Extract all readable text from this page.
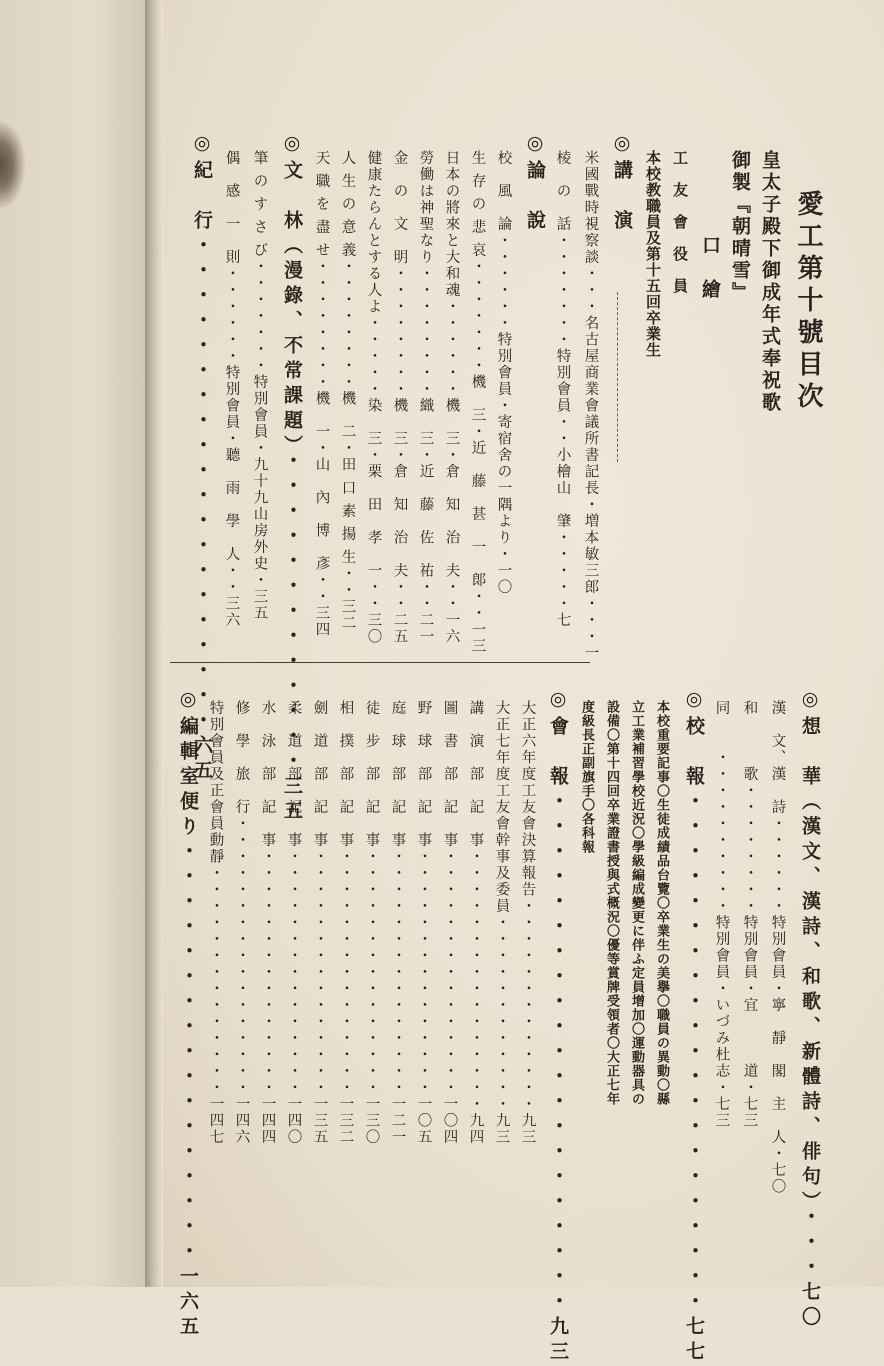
愛工第十號目次
皇太子殿下御成年式奉祝歌
御製『朝晴雪』
口　繪
工　友　會　役　員
本校教職員及第十五回卒業生
◎講　演
米國戰時視察談・・・名古屋商業會議所書記長・増本敏三郎・・・一
棱　の　話・・・・・・・特別會員・・小檜山　肇・・・・・七
◎論　說
校　風　論・・・・・・特別會員・寄宿舍の一隅より・一〇
生 存 の 悲 哀・・・・・・・機　三・近　藤　甚　一　郞・・一三
日本の將來と大和魂・・・・・・機　三・倉　知　治　夫・・一六
勞働は神聖なり・・・・・・・・織　三・近　藤　佐　祐・・二一
金　の　文　明・・・・・・・・機　三・倉　知　治　夫・・二五
健康たらんとする人よ・・・・・染　三・栗　田　孝　一・・三〇
人 生 の 意 義・・・・・・・・機　二・田 口 素 揚 生・・三二
天 職 を 盡 せ・・・・・・・・機　一・山　內　博　彥・・三四
◎文　林（漫錄、不常課題）・・・・・・・・・・・・・三五
筆 の す さ び・・・・・・・特別會員・九十九山房外史・三五
偶　感　一　則・・・・・・特別會員・聽　雨　學　人・・三六
◎紀　行・・・・・・・・・・・・・・・・・・・・六五
◎想　華（漢文、漢詩、和歌、新體詩、俳句）・・・七〇
漢　文、漢　詩・・・・・・特別會員・寧　靜　閣　主　人・七〇
和　　　歌・・・・・・・・特別會員・宜　　　道・七三
同　　・・・・・・・・・・特別會員・いづみ杜志・七三
◎校　報・・・・・・・・・・・・・・・・・・・・・七七
本校重要記事〇生徒成績品台覽〇卒業生の美擧〇職員の異動〇縣
立工業補習學校近況〇學級編成變更に伴ふ定員增加〇運動器具の
設備〇第十四回卒業證書授與式概況〇優等賞牌受領者〇大正七年
度級長正副旗手〇各科報
◎會　報・・・・・・・・・・・・・・・・・・・・・九三
大正六年度工友會決算報告・・・・・・・・・・・・・九三
大正七年度工友會幹事及委員・・・・・・・・・・・・九三
講　演　部　記　事・・・・・・・・・・・・・・・・九四
圖　書　部　記　事・・・・・・・・・・・・・・・一〇四
野　球　部　記　事・・・・・・・・・・・・・・・一〇五
庭　球　部　記　事・・・・・・・・・・・・・・・一二一
徒　步　部　記　事・・・・・・・・・・・・・・・一三〇
相　撲　部　記　事・・・・・・・・・・・・・・・一三二
劍　道　部　記　事・・・・・・・・・・・・・・・一三五
柔　道　部　記　事・・・・・・・・・・・・・・・一四〇
水　泳　部　記　事・・・・・・・・・・・・・・・一四四
修　學　旅　行・・・・・・・・・・・・・・・・・一四六
特別會員及正會員動靜・・・・・・・・・・・・・・一四七
◎編輯室便り・・・・・・・・・・・・・・・・・一六五
